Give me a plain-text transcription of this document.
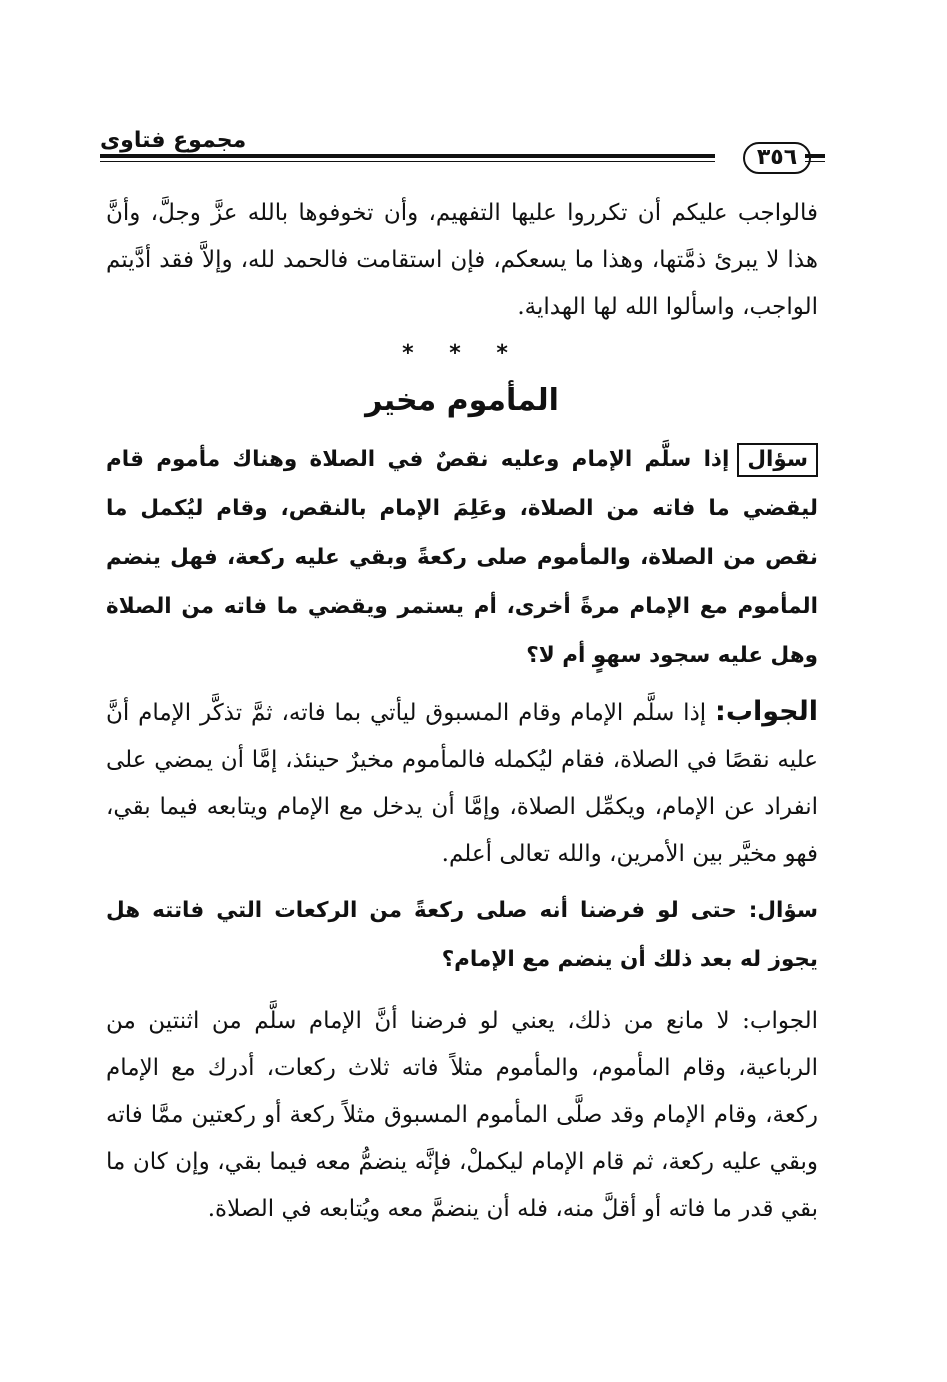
٣٥٦
مجموع فتاوى

فالواجب عليكم أن تكرروا عليها التفهيم، وأن تخوفوها بالله عزَّ وجلَّ، وأنَّ هذا لا يبرئ ذمَّتها، وهذا ما يسعكم، فإن استقامت فالحمد لله، وإلاَّ فقد أدَّيتم الواجب، واسألوا الله لها الهداية.

* * *
المأموم مخير

سؤالإذا سلَّم الإمام وعليه نقصٌ في الصلاة وهناك مأموم قام ليقضي ما فاته من الصلاة، وعَلِمَ الإمام بالنقص، وقام ليُكمل ما نقص من الصلاة، والمأموم صلى ركعةً وبقي عليه ركعة، فهل ينضم المأموم مع الإمام مرةً أخرى، أم يستمر ويقضي ما فاته من الصلاة وهل عليه سجود سهوٍ أم لا؟

الجواب: إذا سلَّم الإمام وقام المسبوق ليأتي بما فاته، ثمَّ تذكَّر الإمام أنَّ عليه نقصًا في الصلاة، فقام ليُكمله فالمأموم مخيرٌ حينئذ، إمَّا أن يمضي على انفراد عن الإمام، ويكمِّل الصلاة، وإمَّا أن يدخل مع الإمام ويتابعه فيما بقي، فهو مخيَّر بين الأمرين، والله تعالى أعلم.

سؤال: حتى لو فرضنا أنه صلى ركعةً من الركعات التي فاتته هل يجوز له بعد ذلك أن ينضم مع الإمام؟

الجواب: لا مانع من ذلك، يعني لو فرضنا أنَّ الإمام سلَّم من اثنتين من الرباعية، وقام المأموم، والمأموم مثلاً فاته ثلاث ركعات، أدرك مع الإمام ركعة، وقام الإمام وقد صلَّى المأموم المسبوق مثلاً ركعة أو ركعتين ممَّا فاته وبقي عليه ركعة، ثم قام الإمام ليكملْ، فإنَّه ينضمُّ معه فيما بقي، وإن كان ما بقي قدر ما فاته أو أقلَّ منه، فله أن ينضمَّ معه ويُتابعه في الصلاة.
